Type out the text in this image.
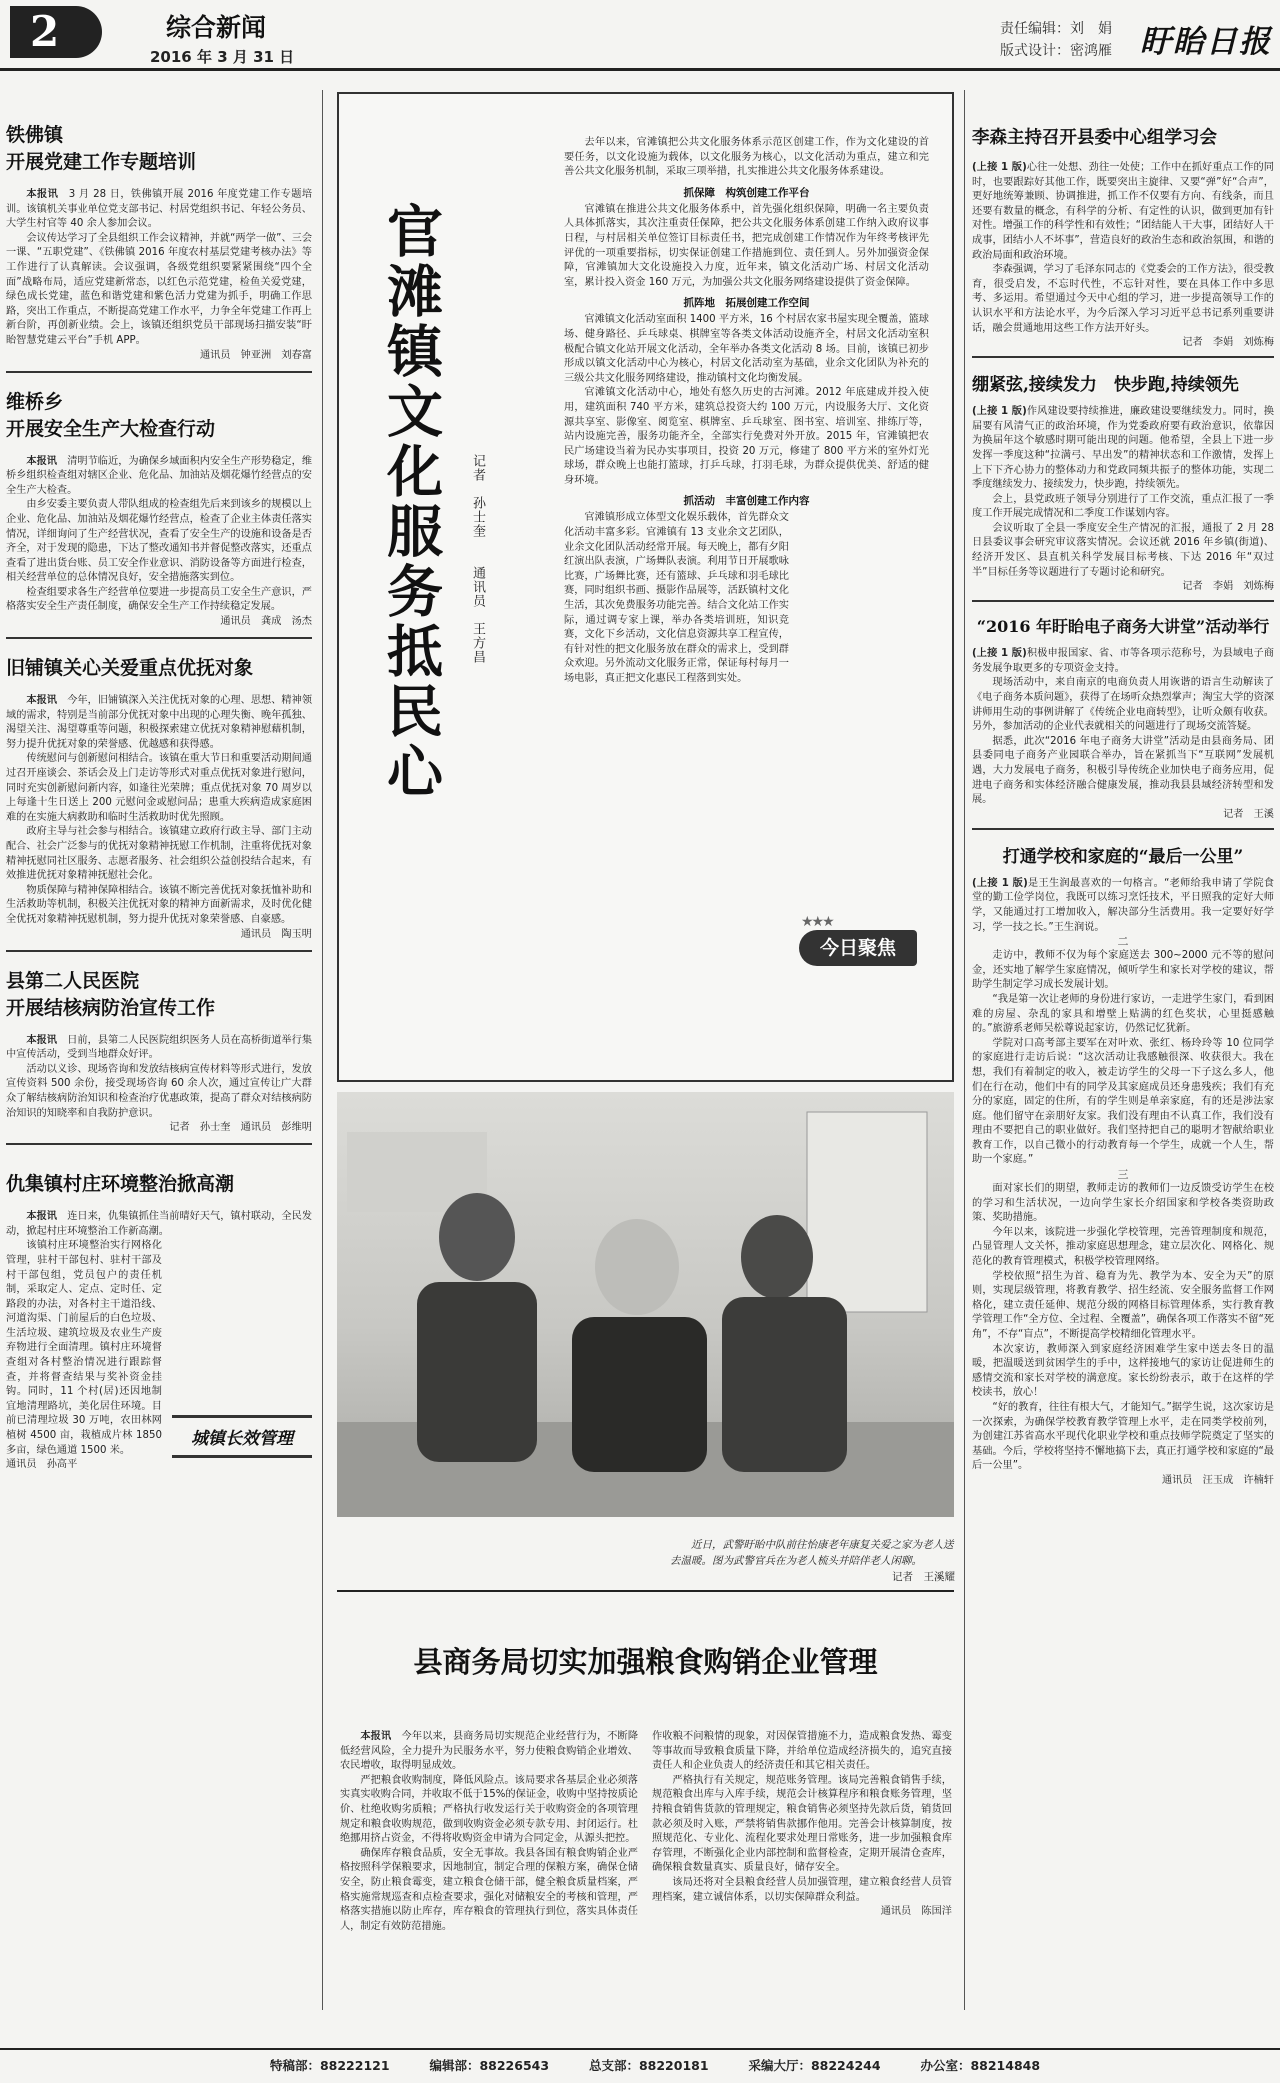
2	综合新闻
2016 年 3 月 31 日
责任编辑：刘　娟
版式设计：密鸿雁 盱眙日报
铁佛镇
开展党建工作专题培训

本报讯　 3 月 28 日，铁佛镇开展 2016 年度党建工作专题培训。该镇机关事业单位党支部书记、村居党组织书记、年轻公务员、大学生村官等 40 余人参加会议。

会议传达学习了全县组织工作会议精神，并就“两学一做”、三会一课、“五职党建”、《铁佛镇 2016 年度农村基层党建考核办法》等工作进行了认真解读。会议强调，各级党组织要紧紧围绕“四个全面”战略布局，适应党建新常态，以红色示范党建，检鱼关爱党建，绿色成长党建，蓝色和谐党建和紫色活力党建为抓手，明确工作思路，突出工作重点，不断提高党建工作水平，力争全年党建工作再上新台阶，再创新业绩。会上，该镇还组织党员干部现场扫描安装“盱眙智慧党建云平台”手机 APP。

通讯员　钟亚洲　刘春富

维桥乡
开展安全生产大检查行动

本报讯　 清明节临近，为确保乡域面积内安全生产形势稳定，维桥乡组织检查组对辖区企业、危化品、加油站及烟花爆竹经营点的安全生产大检查。

由乡安委主要负责人带队组成的检查组先后来到该乡的规模以上企业、危化品、加油站及烟花爆竹经营点，检查了企业主体责任落实情况，详细询问了生产经营状况，查看了安全生产的设施和设备是否齐全，对于发现的隐患，下达了整改通知书并督促整改落实，还重点查看了进出货台账、员工安全作业意识、消防设备等方面进行检查，相关经营单位的总体情况良好，安全措施落实到位。

检查组要求各生产经营单位要进一步提高员工安全生产意识，严格落实安全生产责任制度，确保安全生产工作持续稳定发展。

通讯员　龚成　汤杰

旧铺镇关心关爱重点优抚对象

本报讯　 今年，旧铺镇深入关注优抚对象的心理、思想、精神领域的需求，特别是当前部分优抚对象中出现的心理失衡、晚年孤独、渴望关注、渴望尊重等问题，积极探索建立优抚对象精神慰藉机制，努力提升优抚对象的荣誉感、优越感和获得感。

传统慰问与创新慰问相结合。该镇在重大节日和重要活动期间通过召开座谈会、茶话会及上门走访等形式对重点优抚对象进行慰问，同时充实创新慰问新内容，如逢往光荣牌；重点优抚对象 70 周岁以上每逢十生日送上 200 元慰问金或慰问品；患重大疾病造成家庭困难的在实施大病救助和临时生活救助时优先照顾。

政府主导与社会参与相结合。该镇建立政府行政主导、部门主动配合、社会广泛参与的优抚对象精神抚慰工作机制，注重将优抚对象精神抚慰同社区服务、志愿者服务、社会组织公益创投结合起来，有效推进优抚对象精神抚慰社会化。

物质保障与精神保障相结合。该镇不断完善优抚对象抚恤补助和生活救助等机制，积极关注优抚对象的精神方面新需求，及时优化健全优抚对象精神抚慰机制，努力提升优抚对象荣誉感、自豪感。

通讯员　陶玉明

县第二人民医院
开展结核病防治宣传工作

本报讯　 日前，县第二人民医院组织医务人员在高桥街道举行集中宣传活动，受到当地群众好评。

活动以义诊、现场咨询和发放结核病宣传材料等形式进行，发放宣传资料 500 余份，接受现场咨询 60 余人次，通过宣传让广大群众了解结核病防治知识和检查治疗优惠政策，提高了群众对结核病防治知识的知晓率和自我防护意识。

记者　孙士奎　通讯员　彭维明

仇集镇村庄环境整治掀高潮

本报讯　 连日来，仇集镇抓住当前晴好天气，镇村联动，全民发动，掀起村庄环境整治工作新高潮。

该镇村庄环境整治实行网格化管理，驻村干部包村、驻村干部及村干部包组，党员包户的责任机制，采取定人、定点、定时任、定路段的办法，对各村主干道沿线、河道沟渠、门前屋后的白色垃圾、生活垃圾、建筑垃圾及农业生产废弃物进行全面清理。镇村庄环境督查组对各村整治情况进行跟踪督查，并将督查结果与奖补资金挂钩。同时，11 个村(居)还因地制宜地清理路坑，美化居住环境。目前已清理垃圾 30 万吨，农田林网植树 4500 亩，栽植成片林 1850 多亩，绿色通道 1500 米。

城镇长效管理

通讯员　孙高平

官滩镇文化服务抵民心 记者　孙士奎　　通讯员　王方昌

去年以来，官滩镇把公共文化服务体系示范区创建工作，作为文化建设的首要任务，以文化设施为载体，以文化服务为核心，以文化活动为重点，建立和完善公共文化服务机制，采取三项举措，扎实推进公共文化服务体系建设。

抓保障　构筑创建工作平台

官滩镇在推进公共文化服务体系中，首先强化组织保障，明确一名主要负责人具体抓落实，其次注重责任保障，把公共文化服务体系创建工作纳入政府议事日程，与村居相关单位签订目标责任书，把完成创建工作情况作为年终考核评先评优的一项重要指标，切实保证创建工作措施到位、责任到人。另外加强资金保障，官滩镇加大文化设施投入力度，近年来，镇文化活动广场、村居文化活动室，累计投入资金 160 万元，为加强公共文化服务网络建设提供了资金保障。

抓阵地　拓展创建工作空间

官滩镇文化活动室面积 1400 平方米，16 个村居农家书屋实现全覆盖，篮球场、健身路径、乒乓球桌、棋牌室等各类文体活动设施齐全，村居文化活动室积极配合镇文化站开展文化活动，全年举办各类文化活动 8 场。目前，该镇已初步形成以镇文化活动中心为核心，村居文化活动室为基础，业余文化团队为补充的三级公共文化服务网络建设，推动镇村文化均衡发展。

官滩镇文化活动中心，地处有悠久历史的古河滩。2012 年底建成并投入使用，建筑面积 740 平方米，建筑总投资大约 100 万元，内设服务大厅、文化资源共享室、影像室、阅览室、棋牌室、乒乓球室、图书室、培训室、排练厅等，站内设施完善，服务功能齐全，全部实行免费对外开放。2015 年，官滩镇把农民广场建设当着为民办实事项目，投资 20 万元，修建了 800 平方米的室外灯光球场，群众晚上也能打篮球，打乒乓球，打羽毛球，为群众提供优美、舒适的健身环境。

抓活动　丰富创建工作内容

官滩镇形成立体型文化娱乐载体，首先群众文化活动丰富多彩。官滩镇有 13 支业余文艺团队，业余文化团队活动经常开展。每天晚上，都有夕阳红演出队表演，广场舞队表演。利用节日开展歌咏比赛，广场舞比赛，还有篮球、乒乓球和羽毛球比赛，同时组织书画、摄影作品展等，活跃镇村文化生活，其次免费服务功能完善。结合文化站工作实际，通过调专家上课，举办各类培训班，知识竞赛，文化下乡活动，文化信息资源共享工程宣传，有针对性的把文化服务放在群众的需求上，受到群众欢迎。另外流动文化服务正常，保证每村每月一场电影，真正把文化惠民工程落到实处。

★★★
今日聚焦
近日，武警盱眙中队前往怡康老年康复关爱之家为老人送去温暖。图为武警官兵在为老人梳头并陪伴老人闲聊。
记者　王溪耀
县商务局切实加强粮食购销企业管理

本报讯　 今年以来，县商务局切实规范企业经营行为，不断降低经营风险，全力提升为民服务水平，努力使粮食购销企业增效、农民增收，取得明显成效。

严把粮食收购制度，降低风险点。该局要求各基层企业必须落实真实收购合同，并收取不低于15%的保证金，收购中坚持按质论价、杜绝收购劣质粮；严格执行收发运行关于收购资金的各项管理规定和粮食收购规范，做到收购资金必须专款专用、封闭运行。杜绝挪用挤占资金，不得将收购资金申请为合同定金，从源头把控。

确保库存粮食品质，安全无事故。我县各国有粮食购销企业严格按照科学保粮要求，因地制宜，制定合理的保粮方案，确保仓储安全，防止粮食霉变，建立粮食仓储干部，健全粮食质量档案，严格实施常规巡查和点检查要求，强化对储粮安全的考核和管理，严格落实措施以防止库存，库存粮食的管理执行到位，落实具体责任人，制定有效防范措施。

作收粮不问粮情的现象，对因保管措施不力，造成粮食发热、霉变等事故而导致粮食质量下降，并给单位造成经济损失的，追究直接责任人和企业负责人的经济责任和其它相关责任。

严格执行有关规定，规范账务管理。该局完善粮食销售手续，规范粮食出库与入库手续，规范会计核算程序和粮食账务管理，坚持粮食销售货款的管理规定，粮食销售必须坚持先款后货，销货回款必须及时入账，严禁将销售款挪作他用。完善会计核算制度，按照规范化、专业化、流程化要求处理日常账务，进一步加强粮食库存管理，不断强化企业内部控制和监督检查，定期开展清仓查库，确保粮食数量真实、质量良好，储存安全。

该局还将对全县粮食经营人员加强管理，建立粮食经营人员管理档案，建立诚信体系，以切实保障群众利益。

通讯员　陈国洋

李森主持召开县委中心组学习会

(上接 1 版)心往一处想、劲往一处使；工作中在抓好重点工作的同时，也要跟踪好其他工作，既要突出主旋律、又要“弹”好“合声”，更好地统筹兼顾、协调推进，抓工作不仅要有方向、有线条，而且还要有数量的概念，有科学的分析、有定性的认识，做到更加有针对性。增强工作的科学性和有效性；“团结能人干大事，团结好人干成事，团结小人不坏事”，营造良好的政治生态和政治氛围，和谐的政治局面和政治环境。

李森强调，学习了毛泽东同志的《党委会的工作方法》，很受教育，很受启发，不忘时代性，不忘针对性，要在具体工作中多思考、多运用。希望通过今天中心组的学习，进一步提高领导工作的认识水平和方法论水平，为今后深入学习习近平总书记系列重要讲话，融会贯通地用这些工作方法开好头。

记者　李娟　刘炼梅

绷紧弦,接续发力　快步跑,持续领先

(上接 1 版)作风建设要持续推进，廉政建设要继续发力。同时，换届要有风清气正的政治环境，作为党委政府要有政治意识，依靠因为换届年这个敏感时期可能出现的问题。他希望，全县上下进一步发挥一季度这种“拉满弓、早出发”的精神状态和工作激情，发挥上上下下齐心协力的整体动力和党政同频共振子的整体功能，实现二季度继续发力、接续发力，快步跑，持续领先。

会上，县党政班子领导分别进行了工作交流，重点汇报了一季度工作开展完成情况和二季度工作谋划内容。

会议听取了全县一季度安全生产情况的汇报，通报了 2 月 28 日县委议事会研究审议落实情况。会议还就 2016 年乡镇(街道)、经济开发区、县直机关科学发展目标考核、下达 2016 年“双过半”目标任务等议题进行了专题讨论和研究。

记者　李娟　刘炼梅

“2016 年盱眙电子商务大讲堂”活动举行

(上接 1 版)积极申报国家、省、市等各项示范称号，为县域电子商务发展争取更多的专项资金支持。

现场活动中，来自南京的电商负责人用诙谐的语言生动解读了《电子商务本质问题》，获得了在场听众热烈掌声；淘宝大学的资深讲师用生动的事例讲解了《传统企业电商转型》，让听众颇有收获。另外，参加活动的企业代表就相关的问题进行了现场交流答疑。

据悉，此次“2016 年电子商务大讲堂”活动是由县商务局、团县委同电子商务产业园联合举办，旨在紧抓当下“互联网”发展机遇，大力发展电子商务，积极引导传统企业加快电子商务应用，促进电子商务和实体经济融合健康发展，推动我县县域经济转型和发展。

记者　王溪

打通学校和家庭的“最后一公里”

(上接 1 版)是王生润最喜欢的一句格言。“老师给我申请了学院食堂的勤工俭学岗位，我既可以练习烹饪技术，平日照我的定好大师学，又能通过打工增加收入，解决部分生活费用。我一定要好好学习，学一技之长。”王生润说。

二

走访中，教师不仅为每个家庭送去 300~2000 元不等的慰问金，还实地了解学生家庭情况，倾听学生和家长对学校的建议，帮助学生制定学习成长发展计划。

“我是第一次让老师的身份进行家访，一走进学生家门，看到困难的房屋、杂乱的家具和增壁上贴满的红色奖状，心里挺感触的。”旅游系老师吴松尊说起家访，仍然记忆犹新。

学院对口高考部主要军在对叶欢、张红、杨玲玲等 10 位同学的家庭进行走访后说：“这次活动让我感触很深、收获很大。我在想，我们有着制定的收入，被走访学生的父母一下子这么多人，他们在行在动，他们中有的同学及其家庭成员还身患残疾；我们有充分的家庭，固定的住所，有的学生则是单亲家庭，有的还是涉法家庭。他们留守在亲朋好友家。我们没有理由不认真工作，我们没有理由不要把自己的职业做好。我们坚持把自己的聪明才智献给职业教育工作，以自己微小的行动教育每一个学生，成就一个人生，帮助一个家庭。”

三

面对家长们的期望，教师走访的教师们一边反馈受访学生在校的学习和生活状况，一边向学生家长介绍国家和学校各类资助政策、奖助措施。

今年以来，该院进一步强化学校管理，完善管理制度和规范，凸显管理人文关怀，推动家庭思想理念，建立层次化、网格化、规范化的教育管理模式，积极学校管理网络。

学校依照“招生为首、稳育为先、教学为本、安全为天”的原则，实现层级管理，将教育教学、招生经流、安全服务监督工作网格化，建立责任延伸、规范分级的网格目标管理体系，实行教育教学管理工作“全方位、全过程、全覆盖”，确保各项工作落实不留“死角”，不存“盲点”，不断提高学校精细化管理水平。

本次家访，教师深入到家庭经济困难学生家中送去冬日的温暖，把温暖送到贫困学生的手中，这样接地气的家访让促进师生的感情交流和家长对学校的满意度。家长纷纷表示，敢于在这样的学校读书，放心！

“好的教育，往往有根大气，才能知气。”据学生说，这次家访是一次探索，为确保学校教育教学管理上水平，走在同类学校前列，为创建江苏省高水平现代化职业学校和重点技师学院奠定了坚实的基础。今后，学校将坚持不懈地搞下去，真正打通学校和家庭的“最后一公里”。

通讯员　汪玉成　许楠轩

特稿部：88222121	编辑部：88226543	总支部：88220181	采编大厅：88224244	办公室：88214848
